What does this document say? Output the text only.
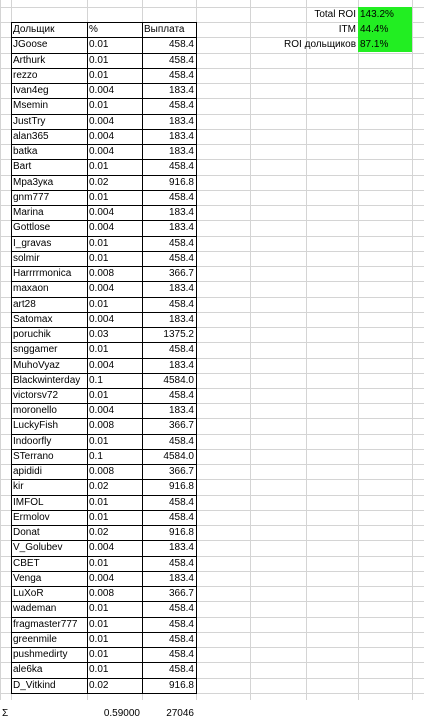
Дольщик	%	Выплата
JGoose	0.01	458.4
Arthurk	0.01	458.4
rezzo	0.01	458.4
Ivan4eg	0.004	183.4
Msemin	0.01	458.4
JustTry	0.004	183.4
alan365	0.004	183.4
batka	0.004	183.4
Bart	0.01	458.4
Мра3ука	0.02	916.8
gnm777	0.01	458.4
Marina	0.004	183.4
Gottlose	0.004	183.4
I_gravas	0.01	458.4
solmir	0.01	458.4
Harrrrmonica	0.008	366.7
maxaon	0.004	183.4
art28	0.01	458.4
Satomax	0.004	183.4
poruchik	0.03	1375.2
snggamer	0.01	458.4
MuhoVyaz	0.004	183.4
Blackwinterday 0.1	4584.0
victorsv72	0.01	458.4
moronello	0.004	183.4
LuckyFish	0.008	366.7
Indoorfly	0.01	458.4
STerrano	0.1	4584.0
apididi	0.008	366.7
kir	0.02	916.8
IMFOL	0.01	458.4
Ermolov	0.01	458.4
Donat	0.02	916.8
V_Golubev	0.004	183.4
CBET	0.01	458.4
Venga	0.004	183.4
LuXoR	0.008	366.7
wademan	0.01	458.4
fragmaster777	0.01	458.4
greenmile	0.01	458.4
pushmedirty	0.01	458.4
ale6ka	0.01	458.4
D_Vitkind	0.02	916.8
Σ	0.59000	27046
Total ROI 143.2%
ITM 44.4%
ROI дольщиков 87.1%
